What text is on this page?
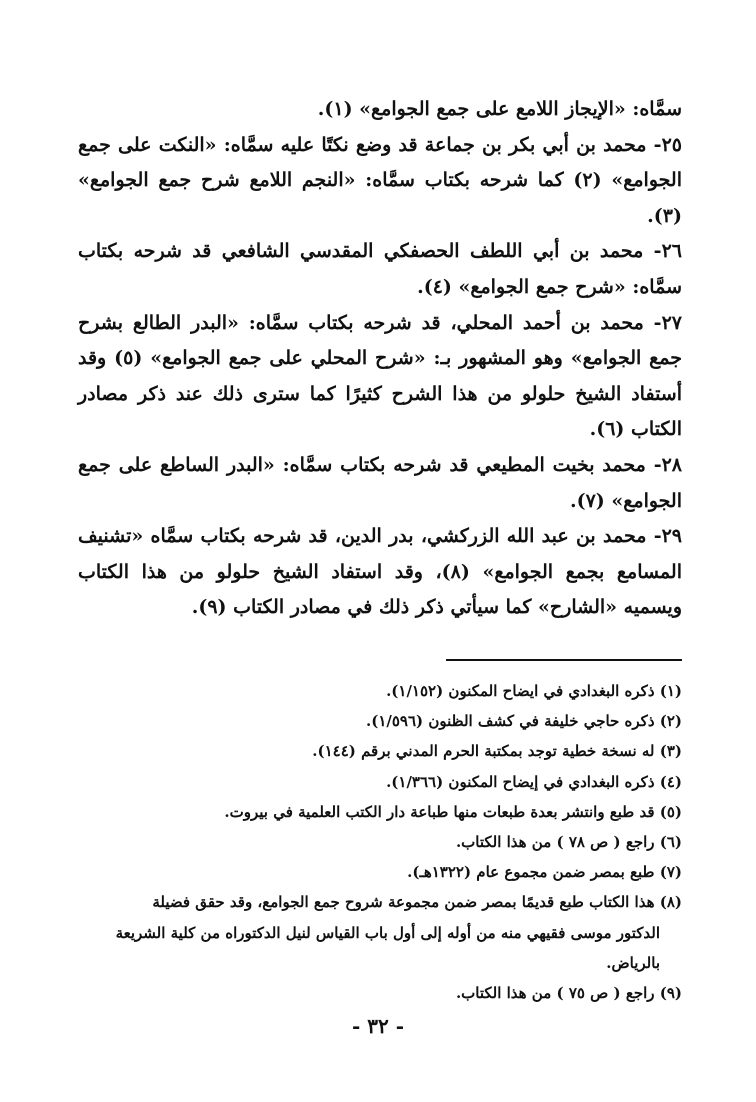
سمَّاه: «الإيجاز اللامع على جمع الجوامع» (١).

٢٥- محمد بن أبي بكر بن جماعة قد وضع نكتًا عليه سمَّاه: «النكت على جمع الجوامع» (٢) كما شرحه بكتاب سمَّاه: «النجم اللامع شرح جمع الجوامع» (٣).

٢٦- محمد بن أبي اللطف الحصفكي المقدسي الشافعي قد شرحه بكتاب سمَّاه: «شرح جمع الجوامع» (٤).

٢٧- محمد بن أحمد المحلي، قد شرحه بكتاب سمَّاه: «البدر الطالع بشرح جمع الجوامع» وهو المشهور بـ: «شرح المحلي على جمع الجوامع» (٥) وقد أستفاد الشيخ حلولو من هذا الشرح كثيرًا كما سترى ذلك عند ذكر مصادر الكتاب (٦).

٢٨- محمد بخيت المطيعي قد شرحه بكتاب سمَّاه: «البدر الساطع على جمع الجوامع» (٧).

٢٩- محمد بن عبد الله الزركشي، بدر الدين، قد شرحه بكتاب سمَّاه «تشنيف المسامع بجمع الجوامع» (٨)، وقد استفاد الشيخ حلولو من هذا الكتاب ويسميه «الشارح» كما سيأتي ذكر ذلك في مصادر الكتاب (٩).

(١) ذكره البغدادي في ايضاح المكنون (١/١٥٢).

(٢) ذكره حاجي خليفة في كشف الظنون (١/٥٩٦).

(٣) له نسخة خطية توجد بمكتبة الحرم المدني برقم (١٤٤).

(٤) ذكره البغدادي في إيضاح المكنون (١/٣٦٦).

(٥) قد طبع وانتشر بعدة طبعات منها طباعة دار الكتب العلمية في بيروت.

(٦) راجع ( ص ٧٨ ) من هذا الكتاب.

(٧) طبع بمصر ضمن مجموع عام (١٣٢٢هـ).

(٨) هذا الكتاب طبع قديمًا بمصر ضمن مجموعة شروح جمع الجوامع، وقد حقق فضيلة

الدكتور موسى فقيهي منه من أوله إلى أول باب القياس لنيل الدكتوراه من كلية الشريعة

بالرياض.

(٩) راجع ( ص ٧٥ ) من هذا الكتاب.

- ٣٢ -
